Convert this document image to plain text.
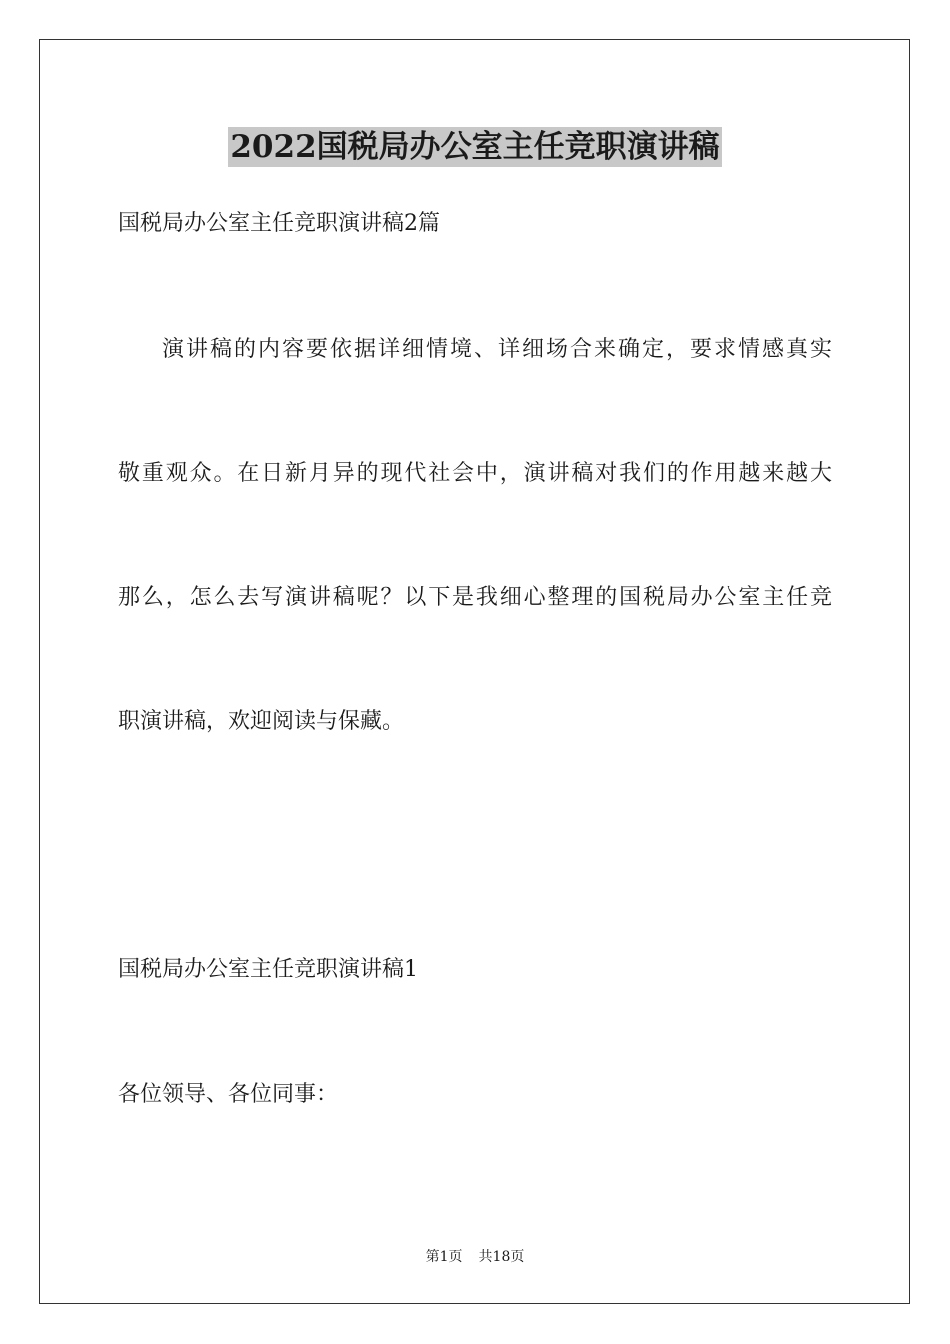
2022国税局办公室主任竞职演讲稿
国税局办公室主任竞职演讲稿2篇
演讲稿的内容要依据详细情境、详细场合来确定，要求情感真实
敬重观众。在日新月异的现代社会中，演讲稿对我们的作用越来越大
那么，怎么去写演讲稿呢？以下是我细心整理的国税局办公室主任竞
职演讲稿，欢迎阅读与保藏。
国税局办公室主任竞职演讲稿1
各位领导、各位同事：
第1页 共18页
